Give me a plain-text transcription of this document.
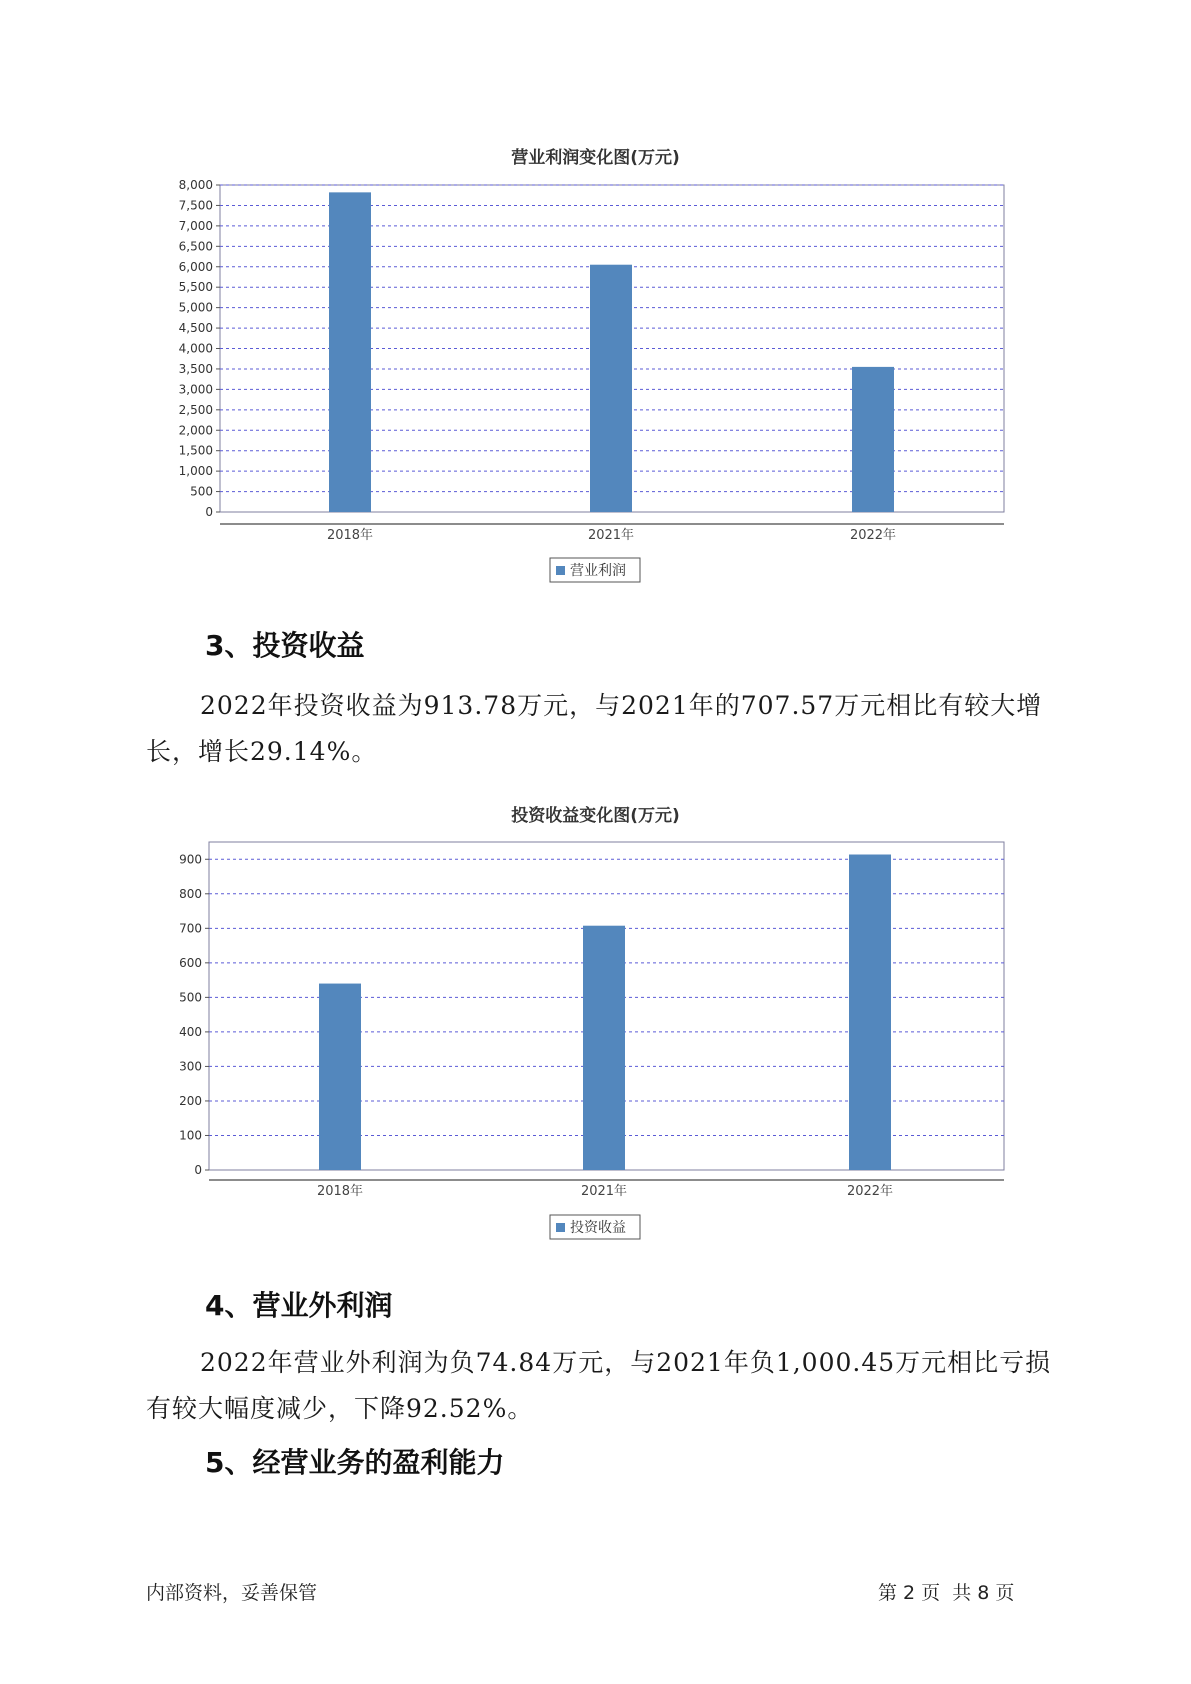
营业利润变化图(万元)
0
500
1,000
1,500
2,000
2,500
3,000
3,500
4,000
4,500
5,000
5,500
6,000
6,500
7,000
7,500
8,000
2018年	2021年	2022年
营业利润
3、投资收益

2022年投资收益为913.78万元，与2021年的707.57万元相比有较大增长，增长29.14%。

投资收益变化图(万元)
0
100
200
300
400
500
600
700
800
900
2018年	2021年	2022年
投资收益
4、营业外利润

2022年营业外利润为负74.84万元，与2021年负1,000.45万元相比亏损有较大幅度减少，下降92.52%。

5、经营业务的盈利能力
内部资料，妥善保管	第 2 页  共 8 页
